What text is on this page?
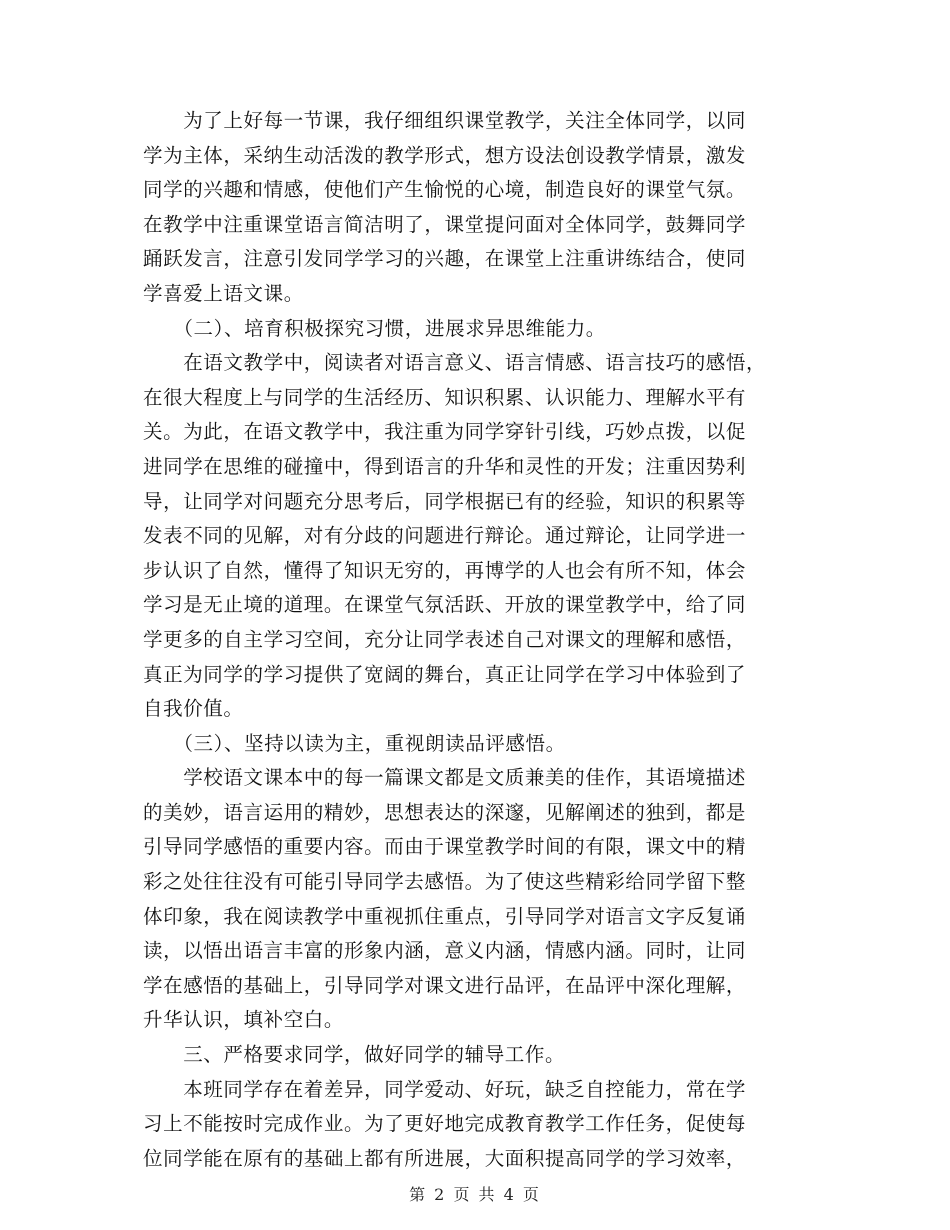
　　为了上好每一节课，我仔细组织课堂教学，关注全体同学，以同
学为主体，采纳生动活泼的教学形式，想方设法创设教学情景，激发
同学的兴趣和情感，使他们产生愉悦的心境，制造良好的课堂气氛。
在教学中注重课堂语言简洁明了，课堂提问面对全体同学，鼓舞同学
踊跃发言，注意引发同学学习的兴趣，在课堂上注重讲练结合，使同
学喜爱上语文课。
　　（二）、培育积极探究习惯，进展求异思维能力。
　　在语文教学中，阅读者对语言意义、语言情感、语言技巧的感悟，
在很大程度上与同学的生活经历、知识积累、认识能力、理解水平有
关。为此，在语文教学中，我注重为同学穿针引线，巧妙点拨，以促
进同学在思维的碰撞中，得到语言的升华和灵性的开发；注重因势利
导，让同学对问题充分思考后，同学根据已有的经验，知识的积累等
发表不同的见解，对有分歧的问题进行辩论。通过辩论，让同学进一
步认识了自然，懂得了知识无穷的，再博学的人也会有所不知，体会
学习是无止境的道理。在课堂气氛活跃、开放的课堂教学中，给了同
学更多的自主学习空间，充分让同学表述自己对课文的理解和感悟，
真正为同学的学习提供了宽阔的舞台，真正让同学在学习中体验到了
自我价值。
　　（三）、坚持以读为主，重视朗读品评感悟。
　　学校语文课本中的每一篇课文都是文质兼美的佳作，其语境描述
的美妙，语言运用的精妙，思想表达的深邃，见解阐述的独到，都是
引导同学感悟的重要内容。而由于课堂教学时间的有限，课文中的精
彩之处往往没有可能引导同学去感悟。为了使这些精彩给同学留下整
体印象，我在阅读教学中重视抓住重点，引导同学对语言文字反复诵
读，以悟出语言丰富的形象内涵，意义内涵，情感内涵。同时，让同
学在感悟的基础上，引导同学对课文进行品评，在品评中深化理解，
升华认识，填补空白。
　　三、严格要求同学，做好同学的辅导工作。
　　本班同学存在着差异，同学爱动、好玩，缺乏自控能力，常在学
习上不能按时完成作业。为了更好地完成教育教学工作任务，促使每
位同学能在原有的基础上都有所进展，大面积提高同学的学习效率，
第 2 页 共 4 页
